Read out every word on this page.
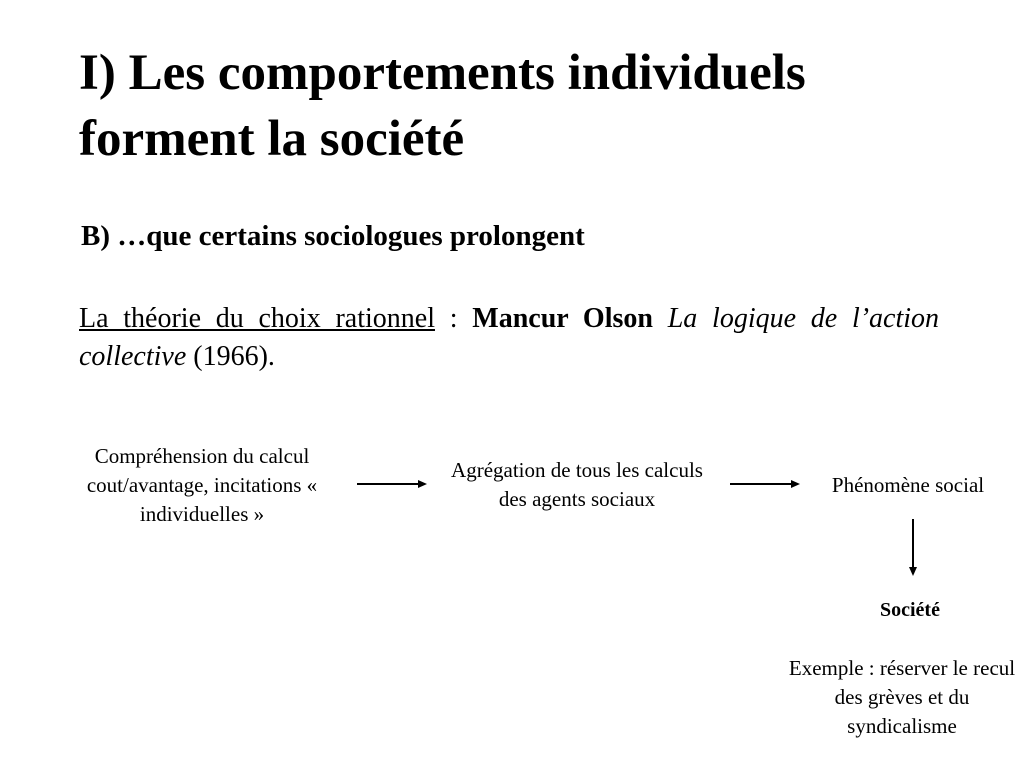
I) Les comportements individuels forment la société
B) …que certains sociologues prolongent
La théorie du choix rationnel : Mancur Olson La logique de l’action collective (1966).
Compréhension du calcul cout/avantage, incitations « individuelles »
Agrégation de tous les calculs des agents sociaux
Phénomène social
Société
Exemple : réserver le recul des grèves et du syndicalisme
